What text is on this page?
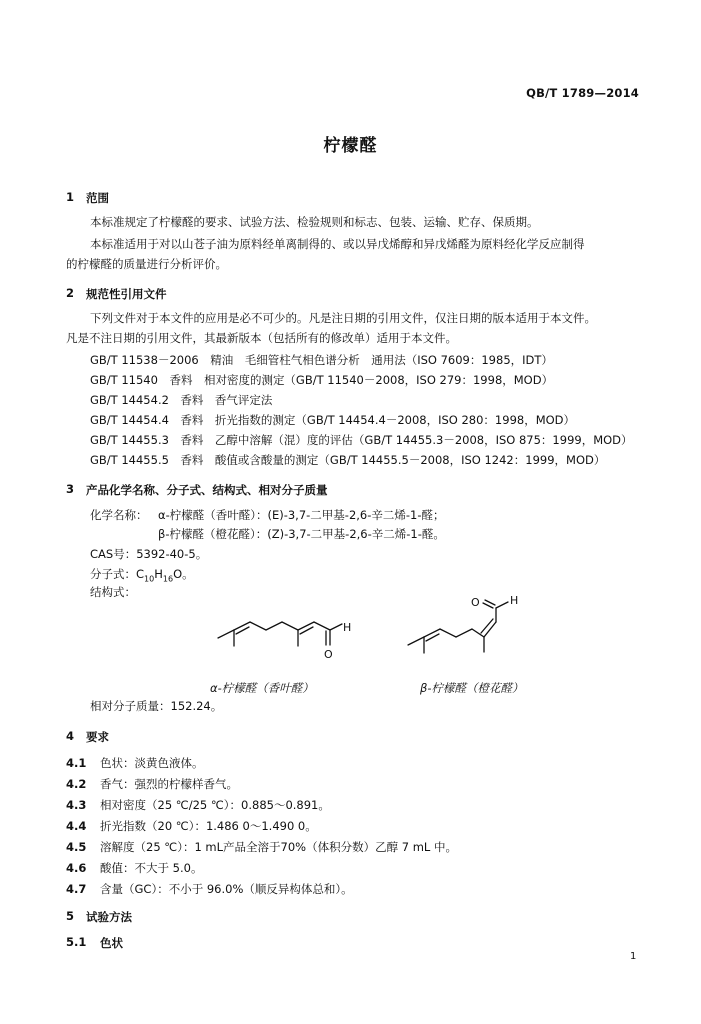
QB/T 1789—2014
柠檬醛
1 范围
本标准规定了柠檬醛的要求、试验方法、检验规则和标志、包装、运输、贮存、保质期。
本标准适用于对以山苍子油为原料经单离制得的、或以异戊烯醇和异戊烯醛为原料经化学反应制得
的柠檬醛的质量进行分析评价。
2 规范性引用文件
下列文件对于本文件的应用是必不可少的。凡是注日期的引用文件，仅注日期的版本适用于本文件。
凡是不注日期的引用文件，其最新版本（包括所有的修改单）适用于本文件。
GB/T 11538－2006　精油　毛细管柱气相色谱分析　通用法（ISO 7609：1985，IDT）
GB/T 11540　香料　相对密度的测定（GB/T 11540－2008，ISO 279：1998，MOD）
GB/T 14454.2　香料　香气评定法
GB/T 14454.4　香料　折光指数的测定（GB/T 14454.4－2008，ISO 280：1998，MOD）
GB/T 14455.3　香料　乙醇中溶解（混）度的评估（GB/T 14455.3－2008，ISO 875：1999，MOD）
GB/T 14455.5　香料　酸值或含酸量的测定（GB/T 14455.5－2008，ISO 1242：1999，MOD）
3 产品化学名称、分子式、结构式、相对分子质量
化学名称： α-柠檬醛（香叶醛）：(E)-3,7-二甲基-2,6-辛二烯-1-醛；
β-柠檬醛（橙花醛）：(Z)-3,7-二甲基-2,6-辛二烯-1-醛。
CAS号：5392-40-5。
分子式：$C_{10}H_{16}O$。
结构式：
H
O
O	H
α-柠檬醛（香叶醛）	β-柠檬醛（橙花醛）
相对分子质量：152.24。
4 要求
4.1 色状：淡黄色液体。
4.2 香气：强烈的柠檬样香气。
4.3 相对密度（25 ℃/25 ℃）：0.885～0.891。
4.4 折光指数（20 ℃）：1.486 0～1.490 0。
4.5 溶解度（25 ℃）：1 mL产品全溶于70%（体积分数）乙醇 7 mL 中。
4.6 酸值：不大于 5.0。
4.7 含量（GC）：不小于 96.0%（顺反异构体总和）。
5 试验方法
5.1 色状
1
